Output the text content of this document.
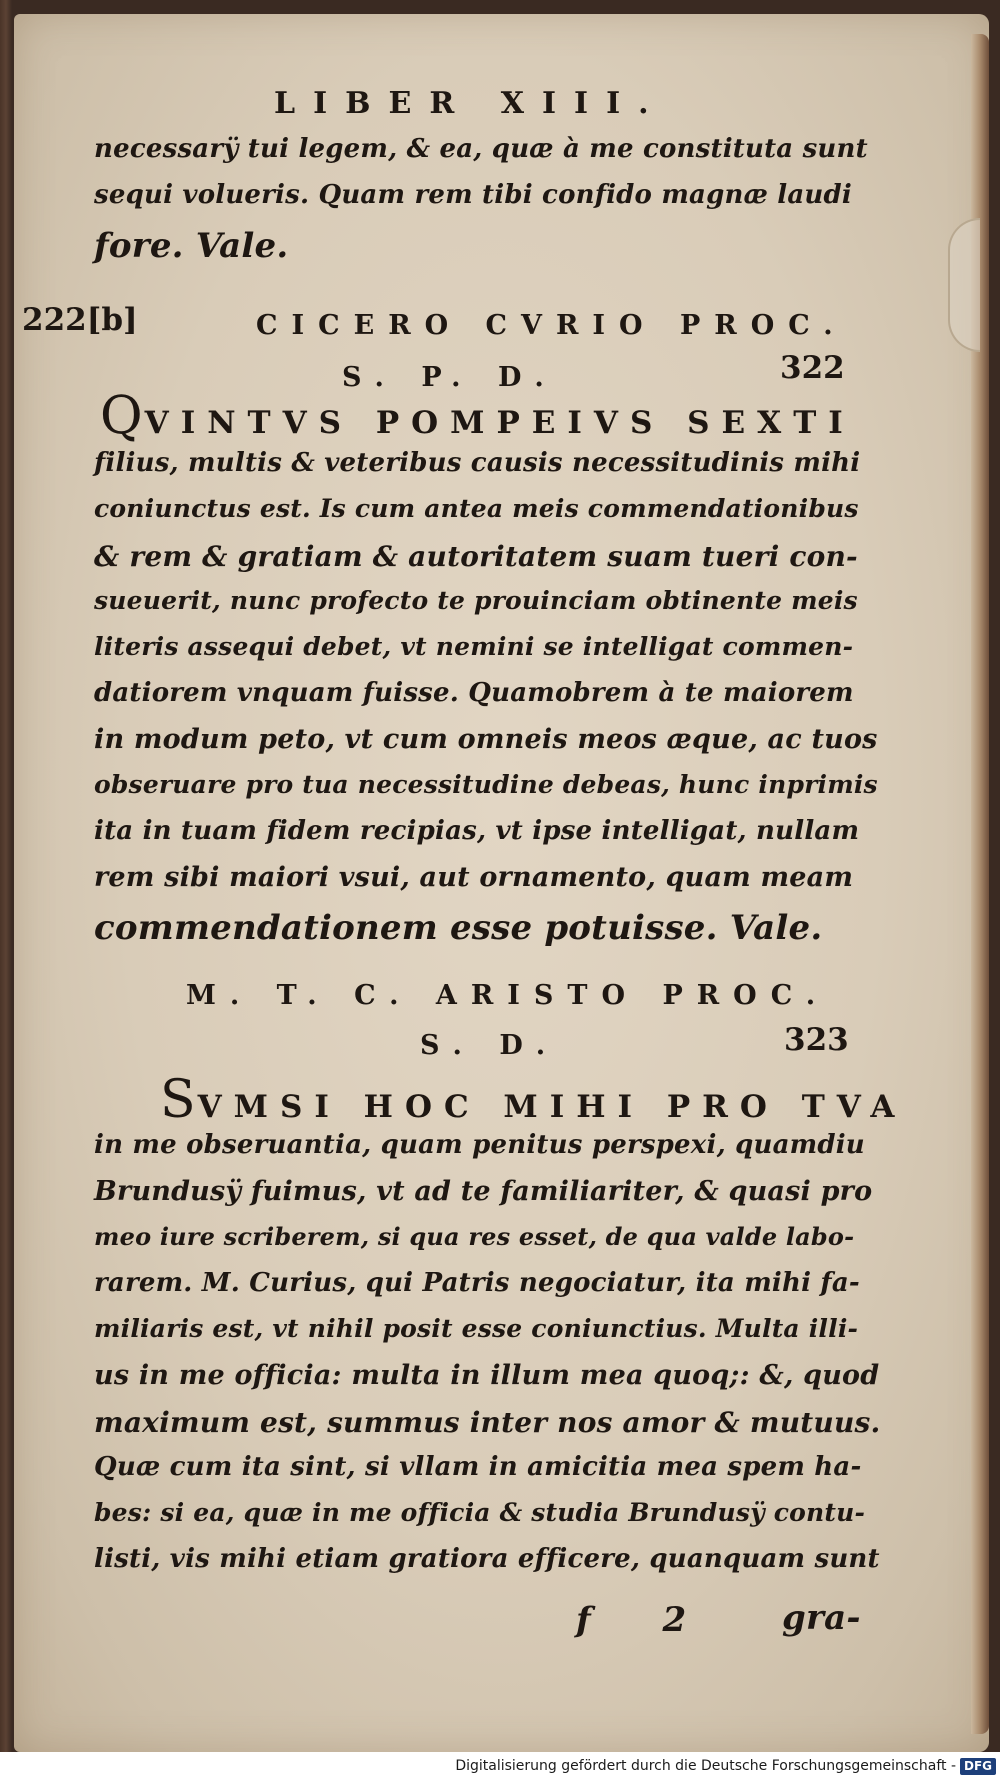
LIBER XIII.
necessarÿ tui legem, & ea, quæ à me constituta sunt
sequi volueris. Quam rem tibi confido magnæ laudi
fore. Vale.
222[b]	CICERO CVRIO PROC.
S. P. D.	322
QVINTVS POMPEIVS SEXTI
filius, multis & veteribus causis necessitudinis mihi
coniunctus est. Is cum antea meis commendationibus
& rem & gratiam & autoritatem suam tueri con-
sueuerit, nunc profecto te prouinciam obtinente meis
literis assequi debet, vt nemini se intelligat commen-
datiorem vnquam fuisse. Quamobrem à te maiorem
in modum peto, vt cum omneis meos æque, ac tuos
obseruare pro tua necessitudine debeas, hunc inprimis
ita in tuam fidem recipias, vt ipse intelligat, nullam
rem sibi maiori vsui, aut ornamento, quam meam
commendationem esse potuisse. Vale.
M. T. C. ARISTO PROC.
S. D.	323
SVMSI HOC MIHI PRO TVA
in me obseruantia, quam penitus perspexi, quamdiu
Brundusÿ fuimus, vt ad te familiariter, & quasi pro
meo iure scriberem, si qua res esset, de qua valde labo-
rarem. M. Curius, qui Patris negociatur, ita mihi fa-
miliaris est, vt nihil posit esse coniunctius. Multa illi-
us in me officia: multa in illum mea quoq;: &, quod
maximum est, summus inter nos amor & mutuus.
Quæ cum ita sint, si vllam in amicitia mea spem ha-
bes: si ea, quæ in me officia & studia Brundusÿ contu-
listi, vis mihi etiam gratiora efficere, quanquam sunt
f 2 gra-
Digitalisierung gefördert durch die Deutsche Forschungsgemeinschaft - DFG
